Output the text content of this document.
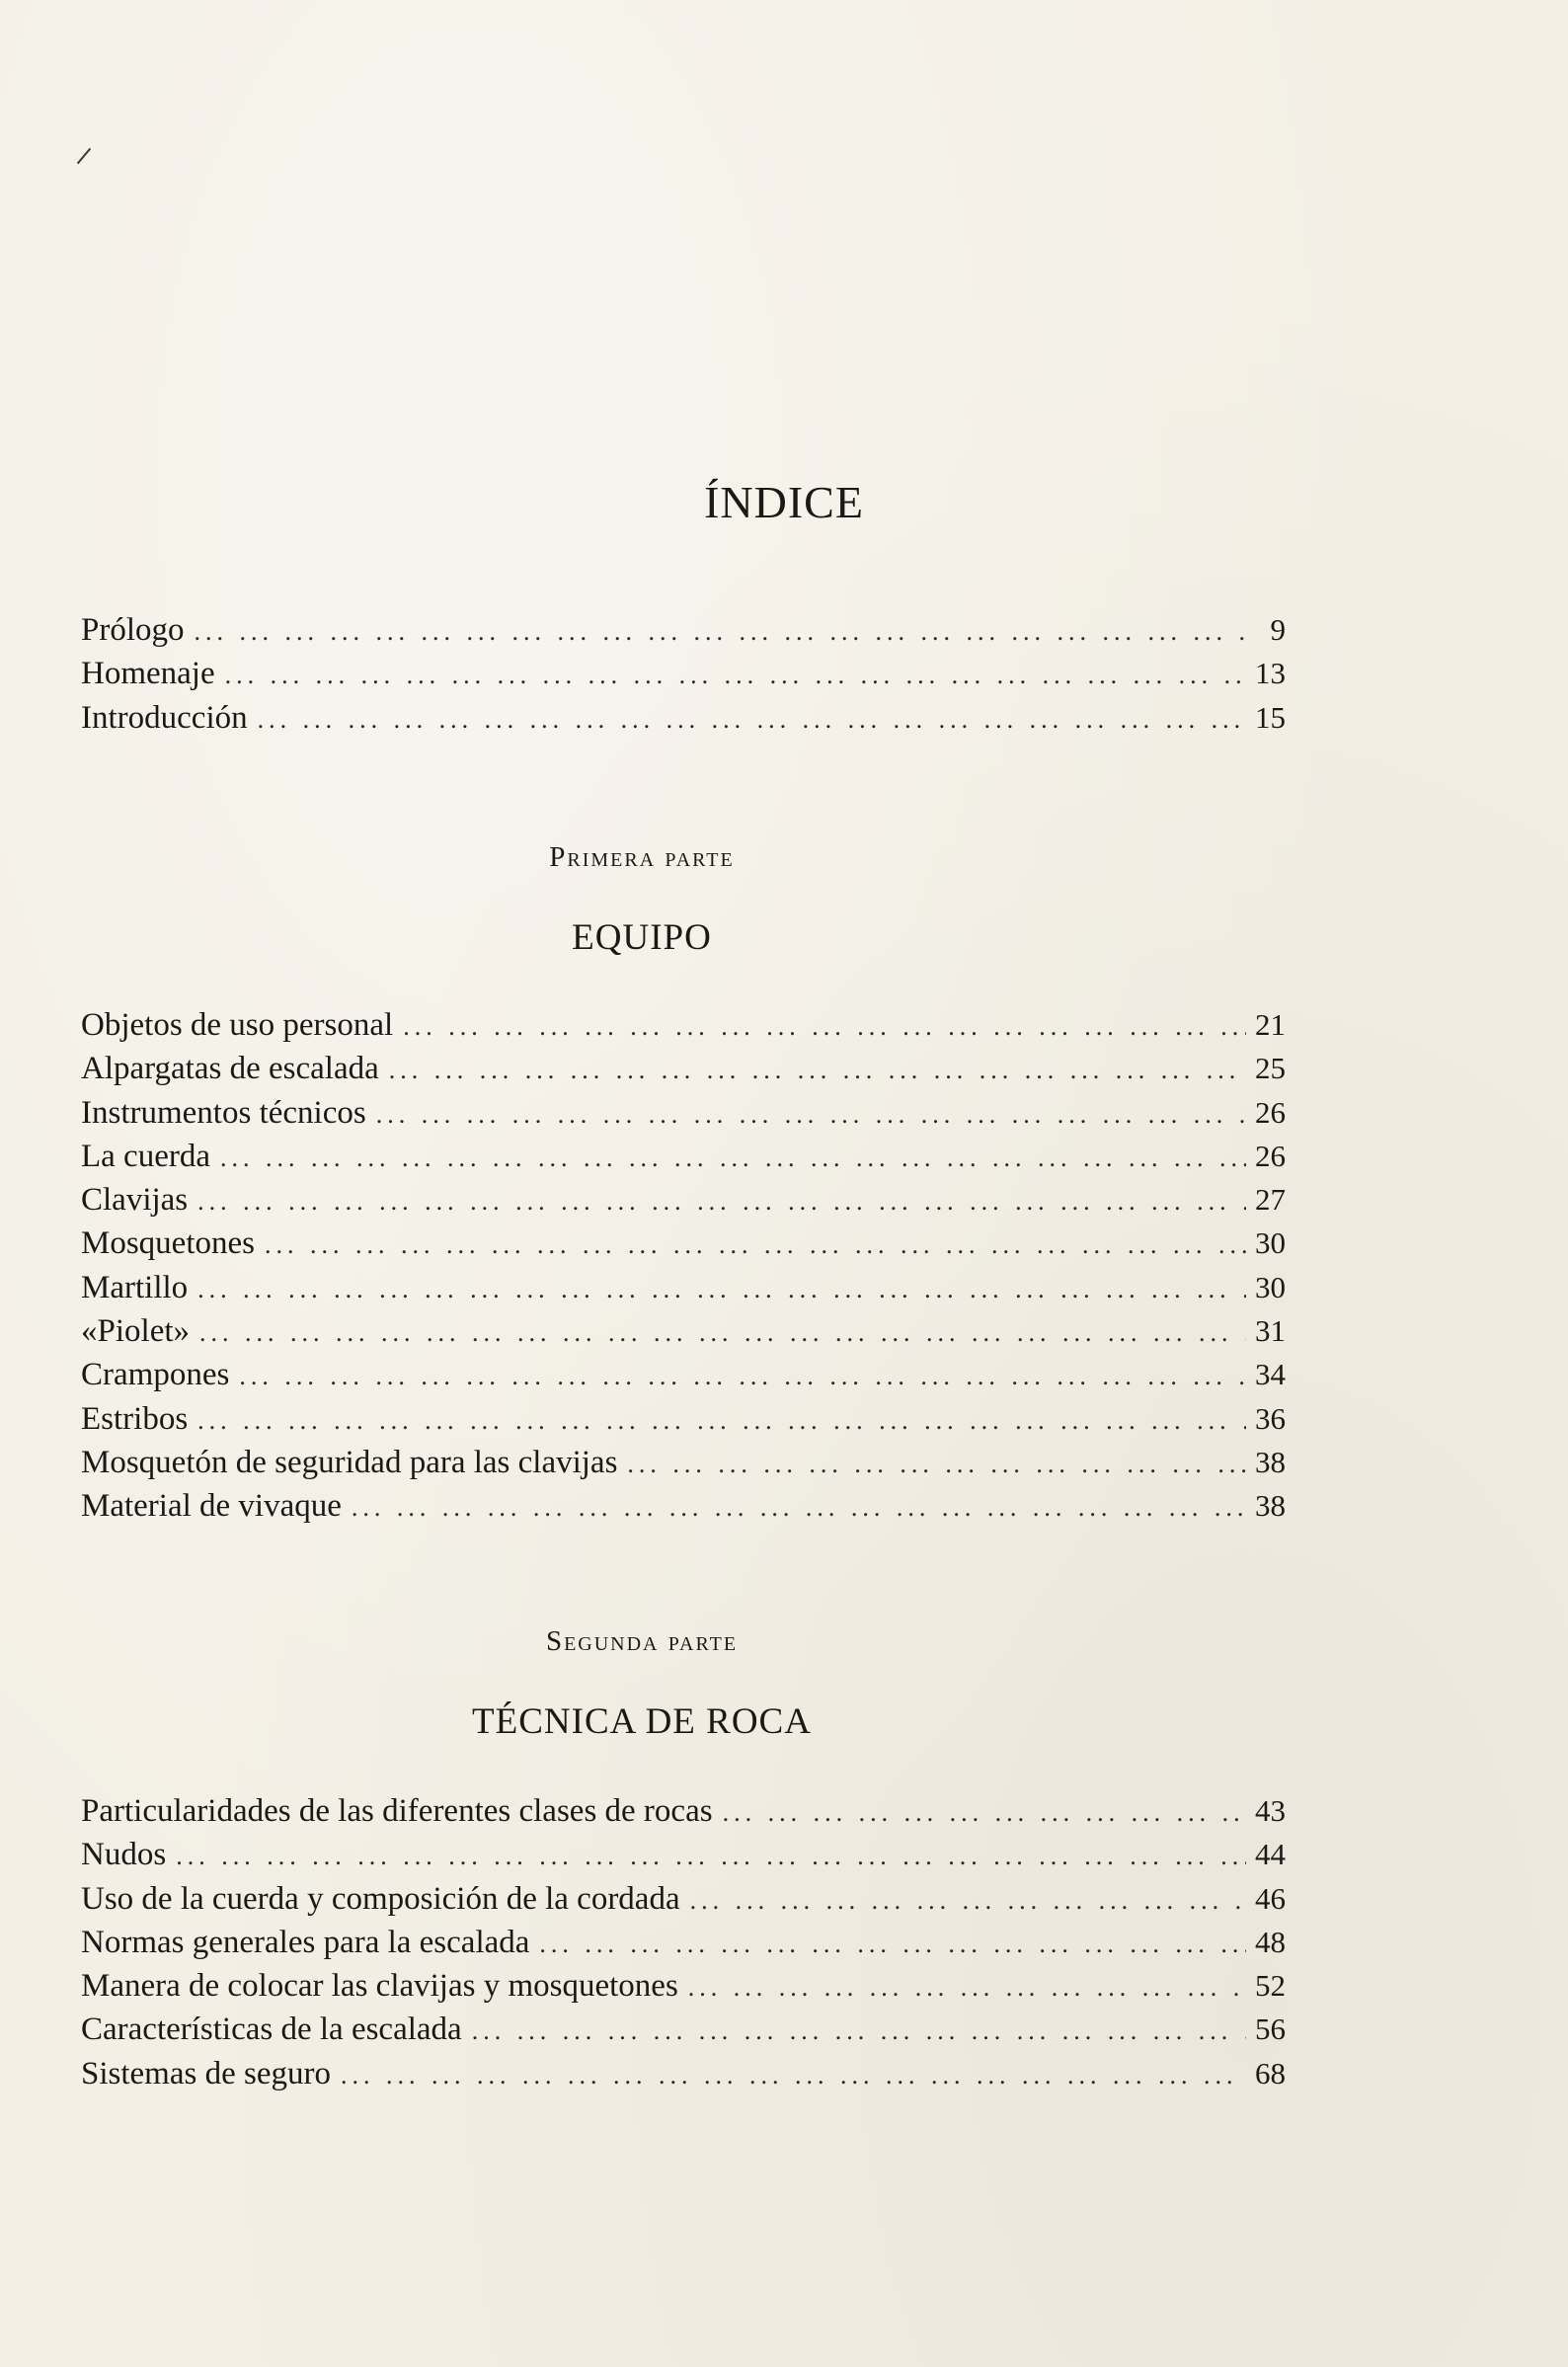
ÍNDICE
Prólogo ... .	9
Homenaje ... .	13
Introducción ... .	15
Primera parte
EQUIPO
Objetos de uso personal ... .	21
Alpargatas de escalada ... .	25
Instrumentos técnicos ... .	26
La cuerda ... .	26
Clavijas ... .	27
Mosquetones ... .	30
Martillo ... .	30
«Piolet» ... .	31
Crampones ... .	34
Estribos ... .	36
Mosquetón de seguridad para las clavijas ... .	38
Material de vivaque ... .	38
Segunda parte
TÉCNICA DE ROCA
Particularidades de las diferentes clases de rocas ... .	43
Nudos ... .	44
Uso de la cuerda y composición de la cordada ... .	46
Normas generales para la escalada ... .	48
Manera de colocar las clavijas y mosquetones ... .	52
Características de la escalada ... .	56
Sistemas de seguro ... .	68
